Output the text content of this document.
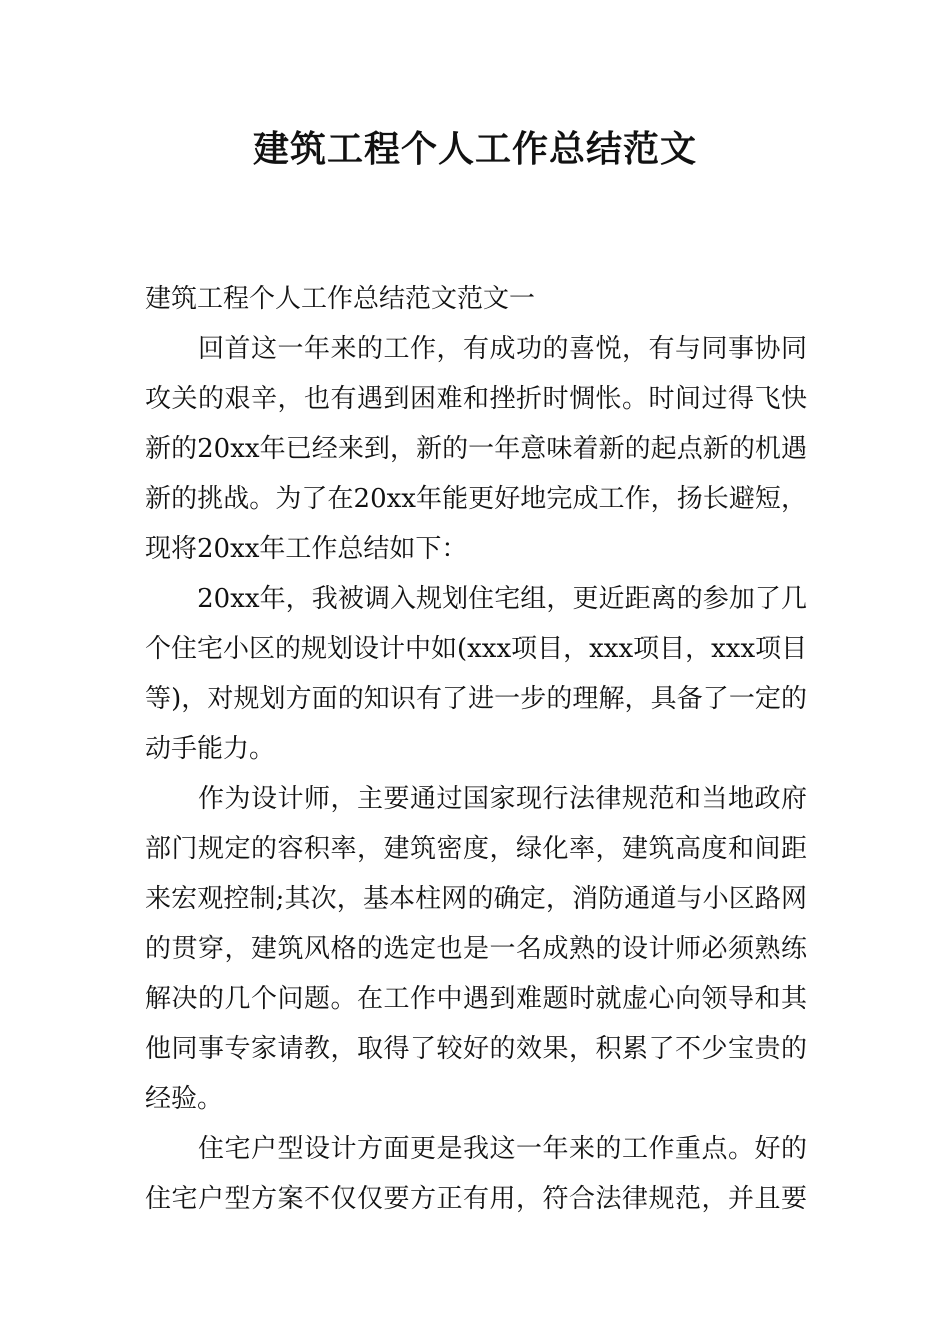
建筑工程个人工作总结范文

建筑工程个人工作总结范文范文一

　　回首这一年来的工作，有成功的喜悦，有与同事协同
攻关的艰辛，也有遇到困难和挫折时惆怅。时间过得飞快
新的20xx年已经来到，新的一年意味着新的起点新的机遇
新的挑战。为了在20xx年能更好地完成工作，扬长避短，
现将20xx年工作总结如下：

　　20xx年，我被调入规划住宅组，更近距离的参加了几
个住宅小区的规划设计中如(xxx项目，xxx项目，xxx项目
等)，对规划方面的知识有了进一步的理解，具备了一定的
动手能力。

　　作为设计师，主要通过国家现行法律规范和当地政府
部门规定的容积率，建筑密度，绿化率，建筑高度和间距
来宏观控制;其次，基本柱网的确定，消防通道与小区路网
的贯穿，建筑风格的选定也是一名成熟的设计师必须熟练
解决的几个问题。在工作中遇到难题时就虚心向领导和其
他同事专家请教，取得了较好的效果，积累了不少宝贵的
经验。

　　住宅户型设计方面更是我这一年来的工作重点。好的
住宅户型方案不仅仅要方正有用，符合法律规范，并且要
